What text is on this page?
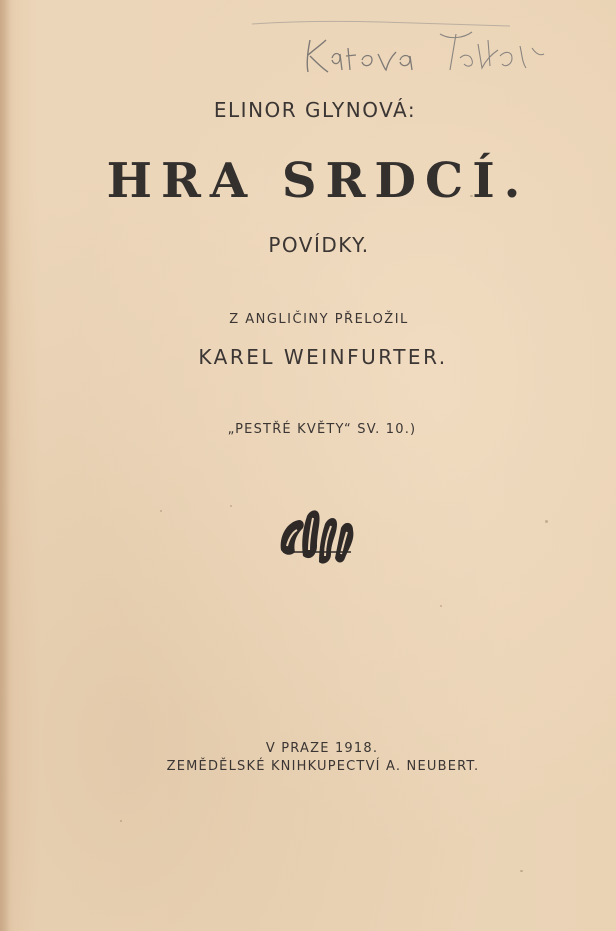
ELINOR GLYNOVÁ:
HRA SRDCÍ.
POVÍDKY.
Z ANGLIČINY PŘELOŽIL
KAREL WEINFURTER.
„PESTŘÉ KVĚTY“ SV. 10.)
V PRAZE 1918.
ZEMĚDĚLSKÉ KNIHKUPECTVÍ A. NEUBERT.
